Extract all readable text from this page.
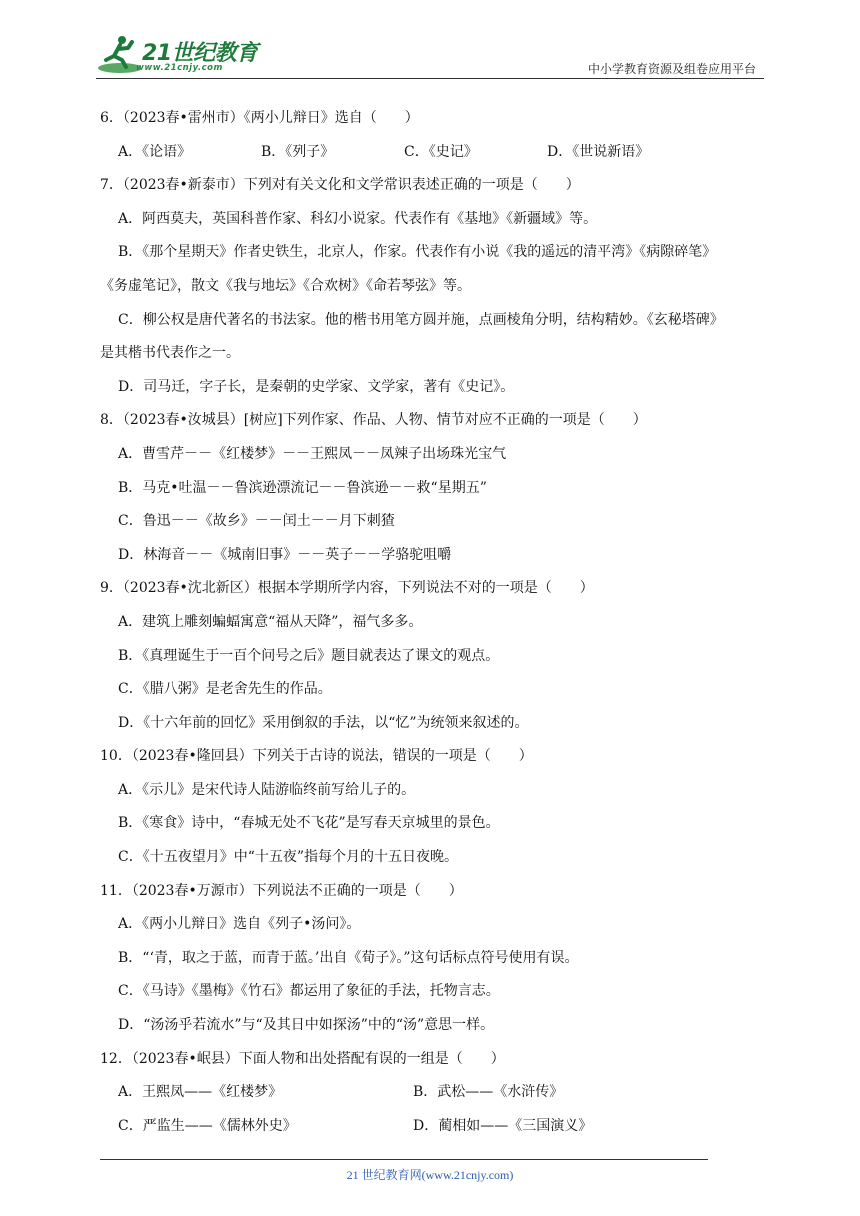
21世纪教育
www.21cnjy.com	中小学教育资源及组卷应用平台
6．（2023春•雷州市）《两小儿辩日》选自（　　）
A．《论语》	B．《列子》	C．《史记》	D．《世说新语》
7．（2023春•新泰市）下列对有关文化和文学常识表述正确的一项是（　　）
A．阿西莫夫，英国科普作家、科幻小说家。代表作有《基地》《新疆域》等。
B．《那个星期天》作者史铁生，北京人，作家。代表作有小说《我的遥远的清平湾》《病隙碎笔》
《务虚笔记》，散文《我与地坛》《合欢树》《命若琴弦》等。
C．柳公权是唐代著名的书法家。他的楷书用笔方圆并施，点画棱角分明，结构精妙。《玄秘塔碑》
是其楷书代表作之一。
D．司马迁，字子长，是秦朝的史学家、文学家，著有《史记》。
8．（2023春•汝城县）[树应]下列作家、作品、人物、情节对应不正确的一项是（　　）
A．曹雪芹－－《红楼梦》－－王熙凤－－凤辣子出场珠光宝气
B．马克•吐温－－鲁滨逊漂流记－－鲁滨逊－－救“星期五”
C．鲁迅－－《故乡》－－闰土－－月下刺猹
D．林海音－－《城南旧事》－－英子－－学骆驼咀嚼
9．（2023春•沈北新区）根据本学期所学内容，下列说法不对的一项是（　　）
A．建筑上雕刻蝙蝠寓意“福从天降”，福气多多。
B．《真理诞生于一百个问号之后》题目就表达了课文的观点。
C．《腊八粥》是老舍先生的作品。
D．《十六年前的回忆》采用倒叙的手法，以“忆”为统领来叙述的。
10．（2023春•隆回县）下列关于古诗的说法，错误的一项是（　　）
A．《示儿》是宋代诗人陆游临终前写给儿子的。
B．《寒食》诗中，“春城无处不飞花”是写春天京城里的景色。
C．《十五夜望月》中“十五夜”指每个月的十五日夜晚。
11．（2023春•万源市）下列说法不正确的一项是（　　）
A．《两小儿辩日》选自《列子•汤问》。
B．“‘青，取之于蓝，而青于蓝。’出自《荀子》。”这句话标点符号使用有误。
C．《马诗》《墨梅》《竹石》都运用了象征的手法，托物言志。
D．“汤汤乎若流水”与“及其日中如探汤”中的“汤”意思一样。
12．（2023春•岷县）下面人物和出处搭配有误的一组是（　　）
A．王熙凤——《红楼梦》	B．武松——《水浒传》
C．严监生——《儒林外史》	D．蔺相如——《三国演义》
21 世纪教育网(www.21cnjy.com)
